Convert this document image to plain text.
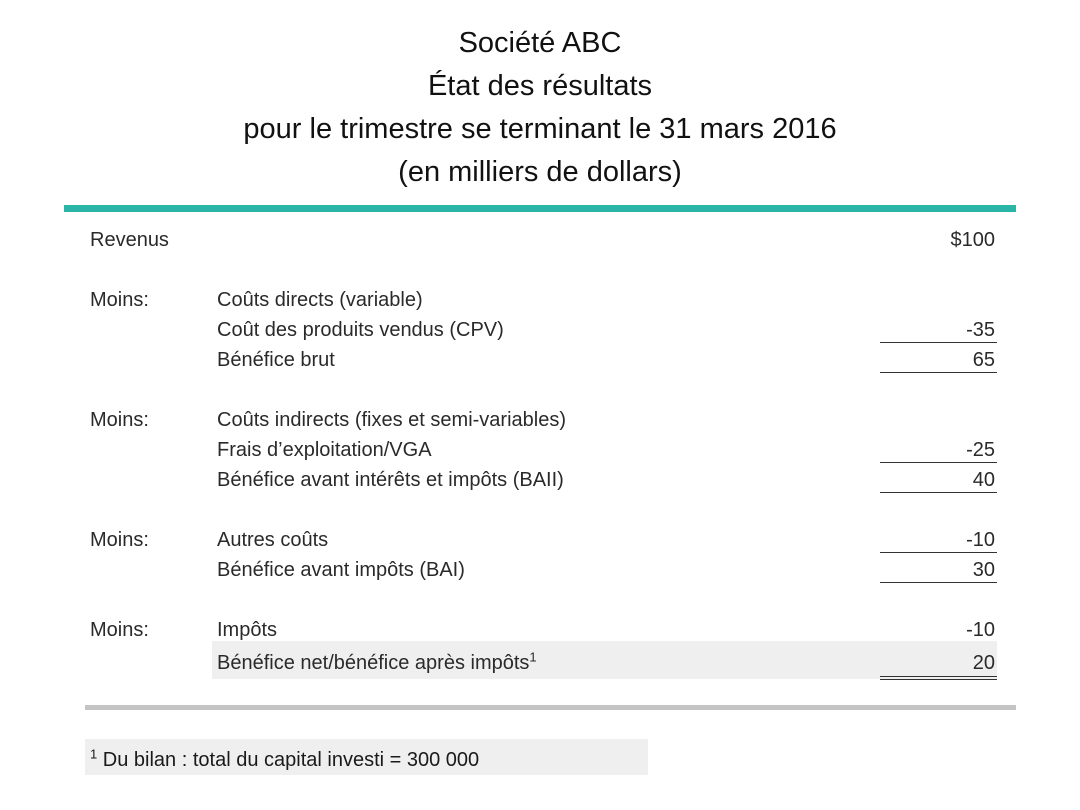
Société ABC
État des résultats
pour le trimestre se terminant le 31 mars 2016
(en milliers de dollars)
Revenus	$100
Moins:	Coûts directs (variable)
Coût des produits vendus (CPV)	-35
Bénéfice brut	65
Moins:	Coûts indirects (fixes et semi-variables)
Frais d’exploitation/VGA	-25
Bénéfice avant intérêts et impôts (BAII)	40
Moins:	Autres coûts	-10
Bénéfice avant impôts (BAI)	30
Moins:	Impôts	-10
Bénéfice net/bénéfice après impôts$^1$	20
$^1$ Du bilan : total du capital investi = 300 000
